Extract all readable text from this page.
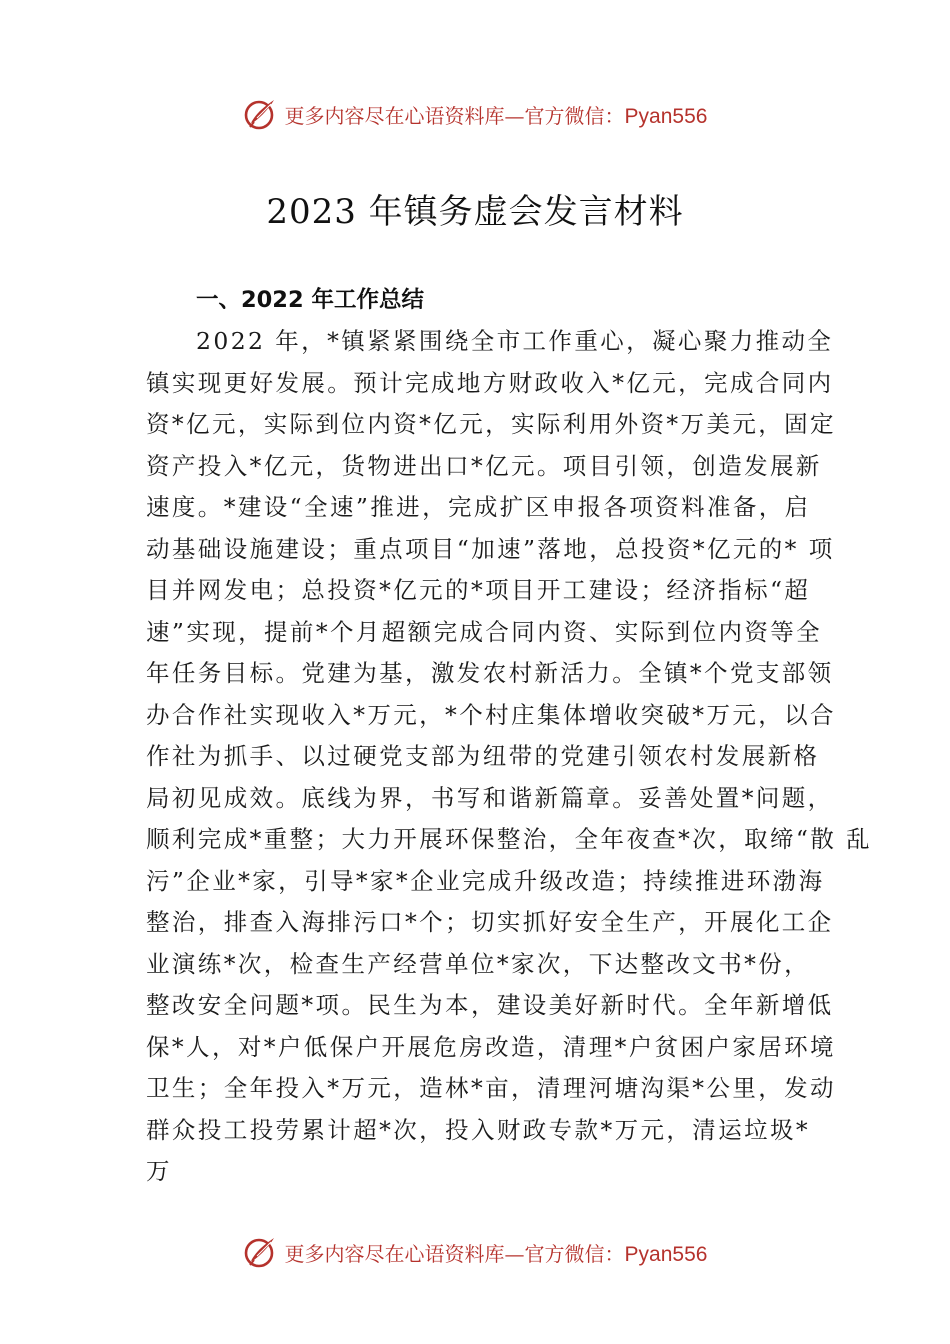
更多内容尽在心语资料库—官方微信：Pyan556
2023 年镇务虚会发言材料
一、2022 年工作总结
2022 年，*镇紧紧围绕全市工作重心，凝心聚力推动全
镇实现更好发展。预计完成地方财政收入*亿元，完成合同内
资*亿元，实际到位内资*亿元，实际利用外资*万美元，固定
资产投入*亿元，货物进出口*亿元。项目引领，创造发展新
速度。*建设“全速”推进，完成扩区申报各项资料准备，启
动基础设施建设；重点项目“加速”落地，总投资*亿元的* 项
目并网发电；总投资*亿元的*项目开工建设；经济指标“超
速”实现，提前*个月超额完成合同内资、实际到位内资等全
年任务目标。党建为基，激发农村新活力。全镇*个党支部领
办合作社实现收入*万元，*个村庄集体增收突破*万元，以合
作社为抓手、以过硬党支部为纽带的党建引领农村发展新格
局初见成效。底线为界，书写和谐新篇章。妥善处置*问题，
顺利完成*重整；大力开展环保整治，全年夜查*次，取缔“散 乱
污”企业*家，引导*家*企业完成升级改造；持续推进环渤海
整治，排查入海排污口*个；切实抓好安全生产，开展化工企
业演练*次，检查生产经营单位*家次，下达整改文书*份，
整改安全问题*项。民生为本，建设美好新时代。全年新增低
保*人，对*户低保户开展危房改造，清理*户贫困户家居环境
卫生；全年投入*万元，造林*亩，清理河塘沟渠*公里，发动
群众投工投劳累计超*次，投入财政专款*万元，清运垃圾*
万
更多内容尽在心语资料库—官方微信：Pyan556
